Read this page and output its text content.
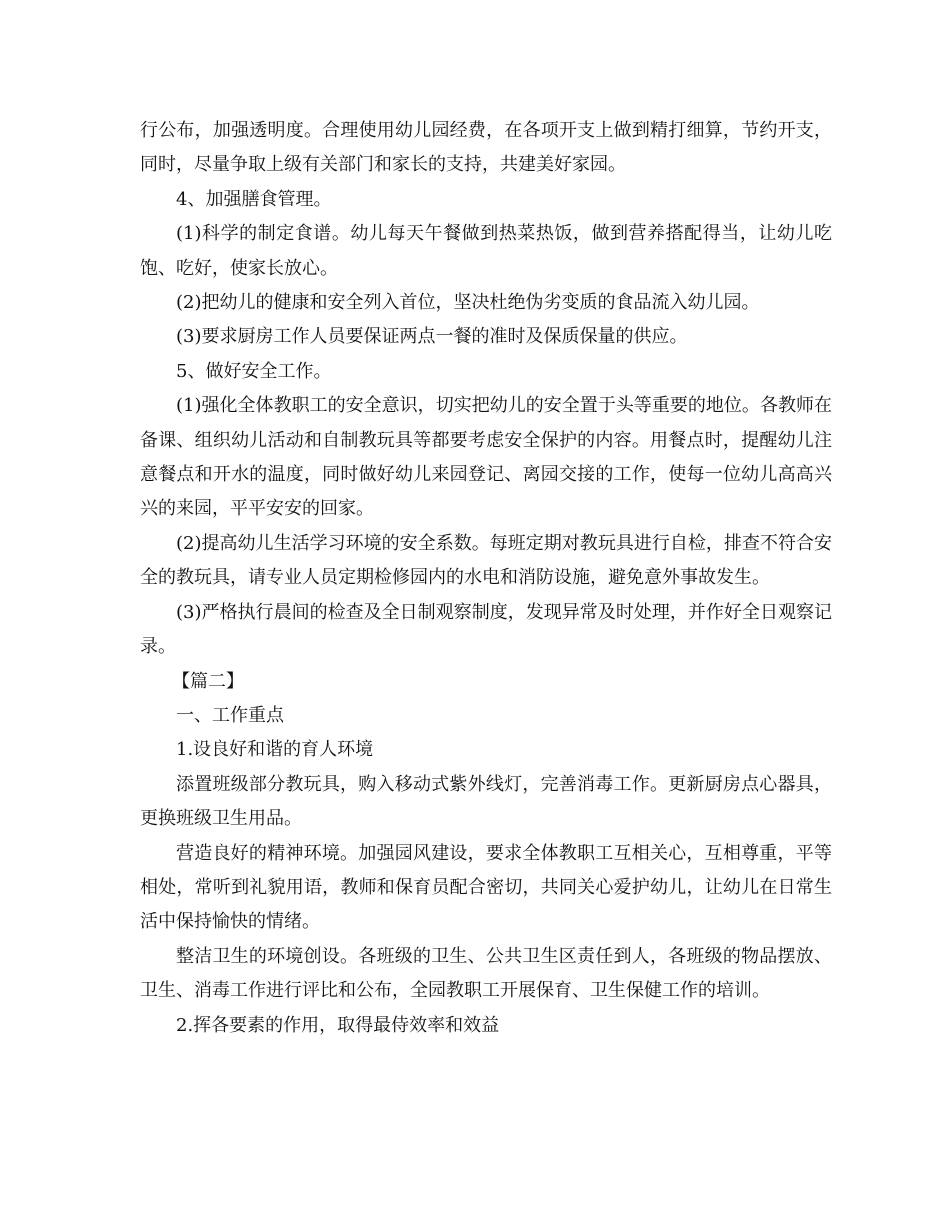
行公布，加强透明度。合理使用幼儿园经费，在各项开支上做到精打细算，节约开支，同时，尽量争取上级有关部门和家长的支持，共建美好家园。

4、加强膳食管理。

(1)科学的制定食谱。幼儿每天午餐做到热菜热饭，做到营养搭配得当，让幼儿吃饱、吃好，使家长放心。

(2)把幼儿的健康和安全列入首位，坚决杜绝伪劣变质的食品流入幼儿园。

(3)要求厨房工作人员要保证两点一餐的准时及保质保量的供应。

5、做好安全工作。

(1)强化全体教职工的安全意识，切实把幼儿的安全置于头等重要的地位。各教师在备课、组织幼儿活动和自制教玩具等都要考虑安全保护的内容。用餐点时，提醒幼儿注意餐点和开水的温度，同时做好幼儿来园登记、离园交接的工作，使每一位幼儿高高兴兴的来园，平平安安的回家。

(2)提高幼儿生活学习环境的安全系数。每班定期对教玩具进行自检，排查不符合安全的教玩具，请专业人员定期检修园内的水电和消防设施，避免意外事故发生。

(3)严格执行晨间的检查及全日制观察制度，发现异常及时处理，并作好全日观察记录。

【篇二】

一、工作重点

1.设良好和谐的育人环境

添置班级部分教玩具，购入移动式紫外线灯，完善消毒工作。更新厨房点心器具，更换班级卫生用品。

营造良好的精神环境。加强园风建设，要求全体教职工互相关心，互相尊重，平等相处，常听到礼貌用语，教师和保育员配合密切，共同关心爱护幼儿，让幼儿在日常生活中保持愉快的情绪。

整洁卫生的环境创设。各班级的卫生、公共卫生区责任到人，各班级的物品摆放、卫生、消毒工作进行评比和公布，全园教职工开展保育、卫生保健工作的培训。

2.挥各要素的作用，取得最侍效率和效益
